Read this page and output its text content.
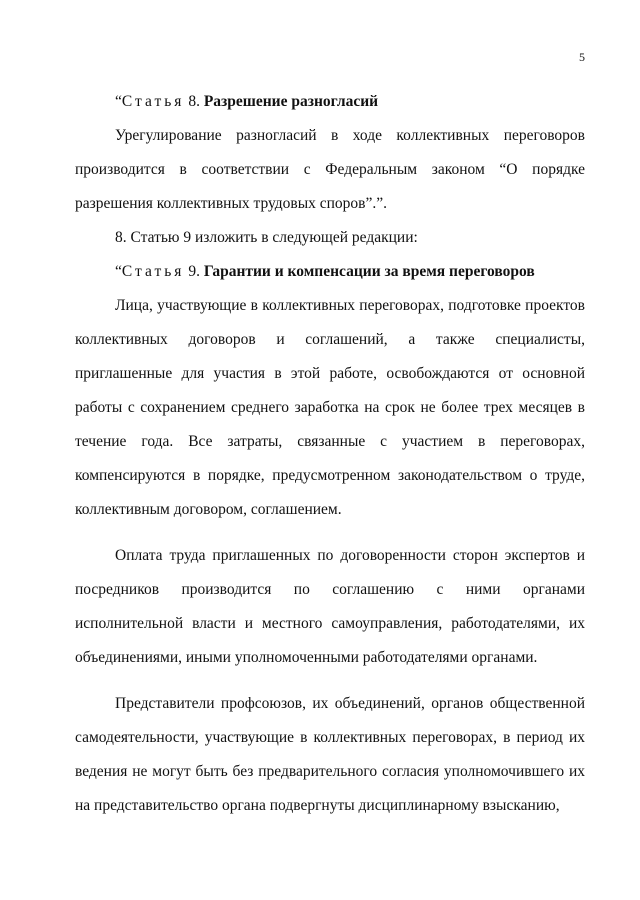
5

“Статья 8. Разрешение разногласий

Урегулирование разногласий в ходе коллективных переговоров производится в соответствии с Федеральным законом “О порядке разрешения коллективных трудовых споров”.”.

8. Статью 9 изложить в следующей редакции:

“Статья 9. Гарантии и компенсации за время переговоров

Лица, участвующие в коллективных переговорах, подготовке проектов коллективных договоров и соглашений, а также специалисты, приглашенные для участия в этой работе, освобождаются от основной работы с сохранением среднего заработка на срок не более трех месяцев в течение года. Все затраты, связанные с участием в переговорах, компенсируются в порядке, предусмотренном законодательством о труде, коллективным договором, соглашением.

Оплата труда приглашенных по договоренности сторон экспертов и посредников производится по соглашению с ними органами исполнительной власти и местного самоуправления, работодателями, их объединениями, иными уполномоченными работодателями органами.

Представители профсоюзов, их объединений, органов общественной самодеятельности, участвующие в коллективных переговорах, в период их ведения не могут быть без предварительного согласия уполномочившего их на представительство органа подвергнуты дисциплинарному взысканию,
